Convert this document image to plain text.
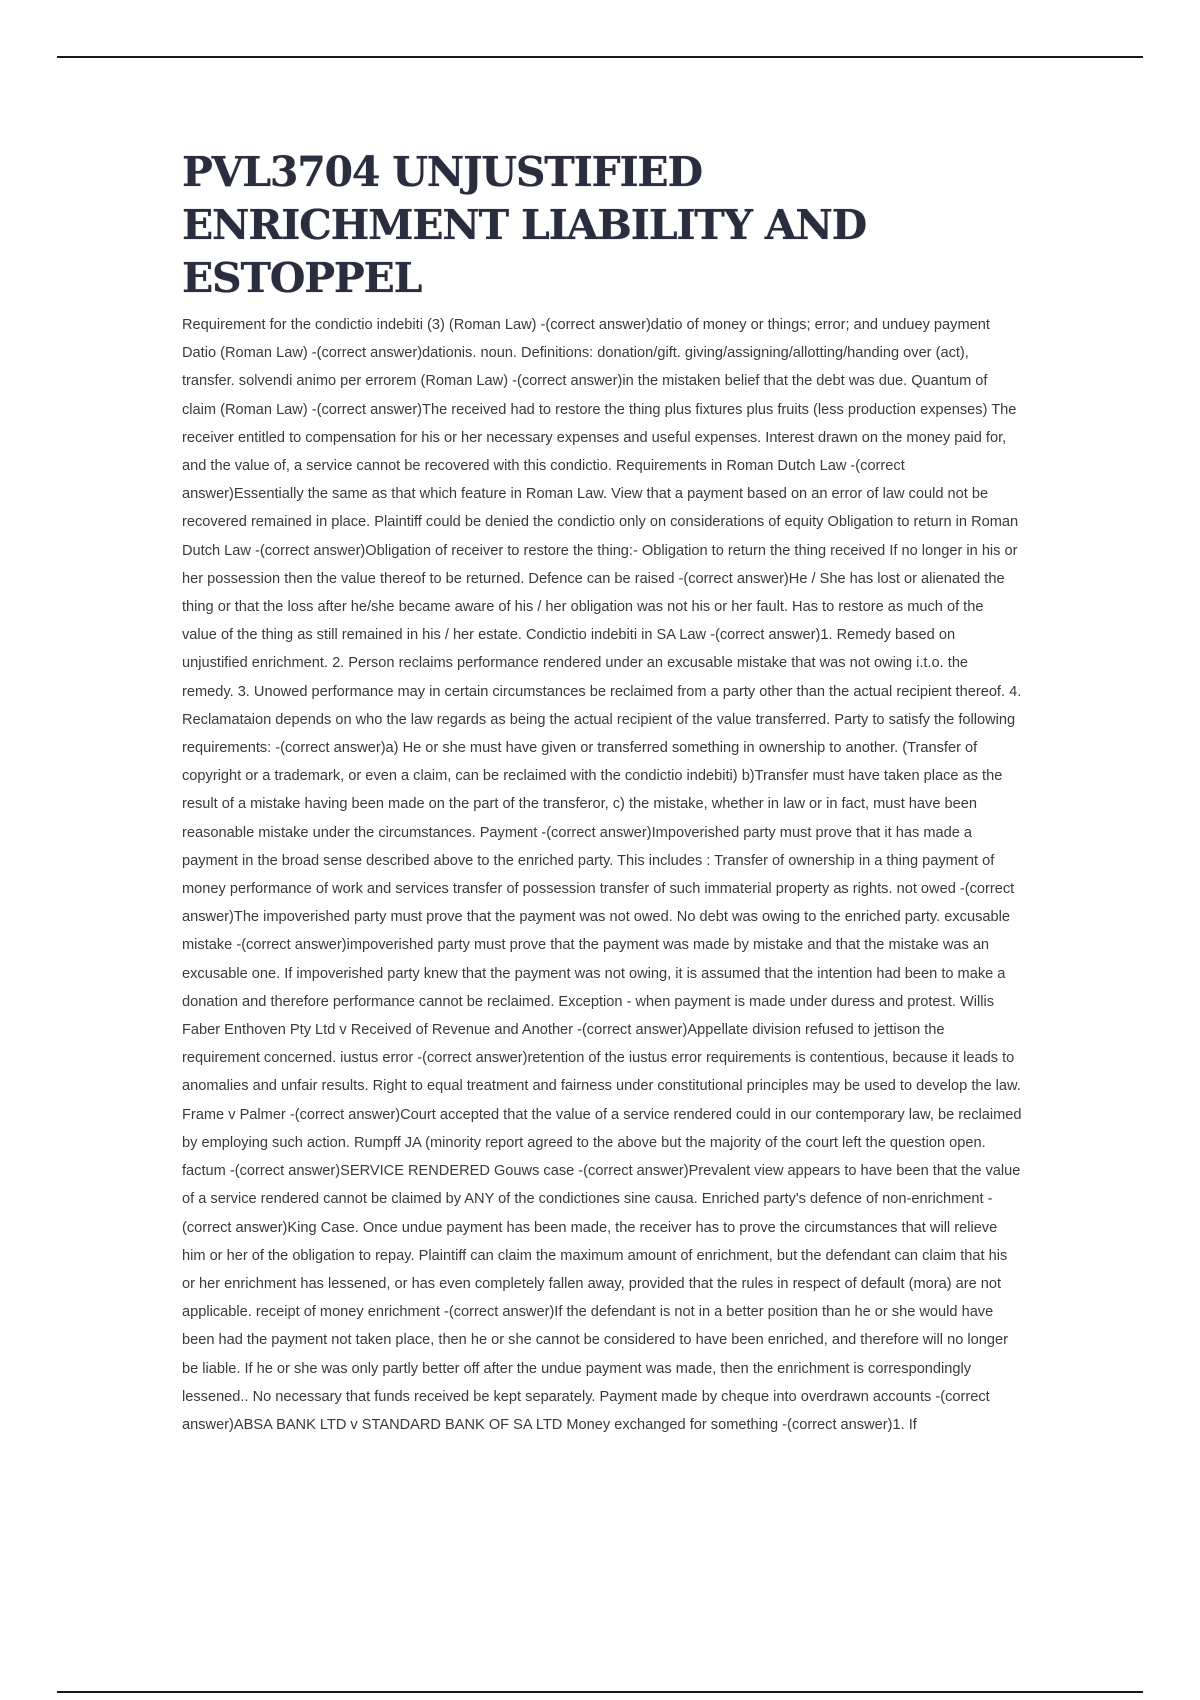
PVL3704 UNJUSTIFIED ENRICHMENT LIABILITY AND ESTOPPEL

Requirement for the condictio indebiti (3) (Roman Law) -(correct answer)datio of money or things; error; and unduey payment Datio (Roman Law) -(correct answer)dationis. noun. Definitions: donation/gift. giving/assigning/allotting/handing over (act), transfer. solvendi animo per errorem (Roman Law) -(correct answer)in the mistaken belief that the debt was due. Quantum of claim (Roman Law) -(correct answer)The received had to restore the thing plus fixtures plus fruits (less production expenses) The receiver entitled to compensation for his or her necessary expenses and useful expenses. Interest drawn on the money paid for, and the value of, a service cannot be recovered with this condictio. Requirements in Roman Dutch Law -(correct answer)Essentially the same as that which feature in Roman Law. View that a payment based on an error of law could not be recovered remained in place. Plaintiff could be denied the condictio only on considerations of equity Obligation to return in Roman Dutch Law -(correct answer)Obligation of receiver to restore the thing:- Obligation to return the thing received If no longer in his or her possession then the value thereof to be returned. Defence can be raised -(correct answer)He / She has lost or alienated the thing or that the loss after he/she became aware of his / her obligation was not his or her fault. Has to restore as much of the value of the thing as still remained in his / her estate. Condictio indebiti in SA Law -(correct answer)1. Remedy based on unjustified enrichment. 2. Person reclaims performance rendered under an excusable mistake that was not owing i.t.o. the remedy. 3. Unowed performance may in certain circumstances be reclaimed from a party other than the actual recipient thereof. 4. Reclamataion depends on who the law regards as being the actual recipient of the value transferred. Party to satisfy the following requirements: -(correct answer)a) He or she must have given or transferred something in ownership to another. (Transfer of copyright or a trademark, or even a claim, can be reclaimed with the condictio indebiti) b)Transfer must have taken place as the result of a mistake having been made on the part of the transferor, c) the mistake, whether in law or in fact, must have been reasonable mistake under the circumstances. Payment -(correct answer)Impoverished party must prove that it has made a payment in the broad sense described above to the enriched party. This includes : Transfer of ownership in a thing payment of money performance of work and services transfer of possession transfer of such immaterial property as rights. not owed -(correct answer)The impoverished party must prove that the payment was not owed. No debt was owing to the enriched party. excusable mistake -(correct answer)impoverished party must prove that the payment was made by mistake and that the mistake was an excusable one. If impoverished party knew that the payment was not owing, it is assumed that the intention had been to make a donation and therefore performance cannot be reclaimed. Exception - when payment is made under duress and protest. Willis Faber Enthoven Pty Ltd v Received of Revenue and Another -(correct answer)Appellate division refused to jettison the requirement concerned. iustus error -(correct answer)retention of the iustus error requirements is contentious, because it leads to anomalies and unfair results. Right to equal treatment and fairness under constitutional principles may be used to develop the law. Frame v Palmer -(correct answer)Court accepted that the value of a service rendered could in our contemporary law, be reclaimed by employing such action. Rumpff JA (minority report agreed to the above but the majority of the court left the question open. factum -(correct answer)SERVICE RENDERED Gouws case -(correct answer)Prevalent view appears to have been that the value of a service rendered cannot be claimed by ANY of the condictiones sine causa. Enriched party's defence of non-enrichment -(correct answer)King Case. Once undue payment has been made, the receiver has to prove the circumstances that will relieve him or her of the obligation to repay. Plaintiff can claim the maximum amount of enrichment, but the defendant can claim that his or her enrichment has lessened, or has even completely fallen away, provided that the rules in respect of default (mora) are not applicable. receipt of money enrichment -(correct answer)If the defendant is not in a better position than he or she would have been had the payment not taken place, then he or she cannot be considered to have been enriched, and therefore will no longer be liable. If he or she was only partly better off after the undue payment was made, then the enrichment is correspondingly lessened.. No necessary that funds received be kept separately. Payment made by cheque into overdrawn accounts -(correct answer)ABSA BANK LTD v STANDARD BANK OF SA LTD Money exchanged for something -(correct answer)1. If
